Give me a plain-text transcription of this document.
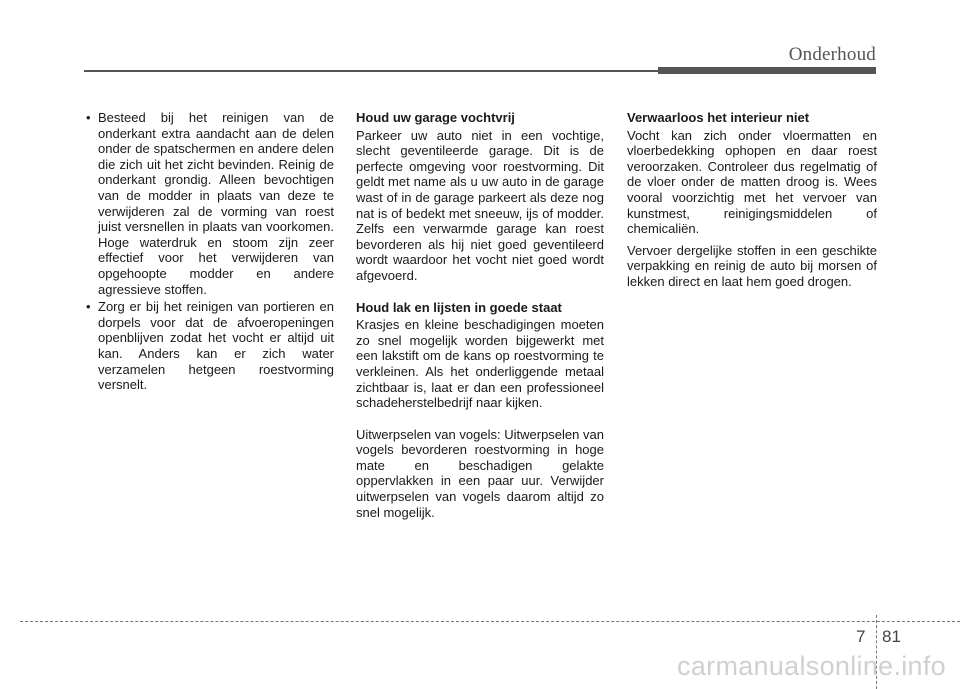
Onderhoud
• Besteed bij het reinigen van de onderkant extra aandacht aan de delen onder de spatschermen en andere delen die zich uit het zicht bevinden. Reinig de onderkant grondig. Alleen bevochtigen van de modder in plaats van deze te verwijderen zal de vorming van roest juist versnellen in plaats van voorkomen. Hoge waterdruk en stoom zijn zeer effectief voor het verwijderen van opgehoopte modder en andere agressieve stoffen.
• Zorg er bij het reinigen van portieren en dorpels voor dat de afvoeropeningen openblijven zodat het vocht er altijd uit kan. Anders kan er zich water verzamelen hetgeen roestvorming versnelt.

Houd uw garage vochtvrij

Parkeer uw auto niet in een vochtige, slecht geventileerde garage. Dit is de perfecte omgeving voor roestvorming. Dit geldt met name als u uw auto in de garage wast of in de garage parkeert als deze nog nat is of bedekt met sneeuw, ijs of modder. Zelfs een verwarmde garage kan roest bevorderen als hij niet goed geventileerd wordt waardoor het vocht niet goed wordt afgevoerd.

Houd lak en lijsten in goede staat

Krasjes en kleine beschadigingen moeten zo snel mogelijk worden bijgewerkt met een lakstift om de kans op roestvorming te verkleinen. Als het onderliggende metaal zichtbaar is, laat er dan een professioneel schadeherstelbedrijf naar kijken.

Uitwerpselen van vogels: Uitwerpselen van vogels bevorderen roestvorming in hoge mate en beschadigen gelakte oppervlakken in een paar uur. Verwijder uitwerpselen van vogels daarom altijd zo snel mogelijk.

Verwaarloos het interieur niet

Vocht kan zich onder vloermatten en vloerbedekking ophopen en daar roest veroorzaken. Controleer dus regelmatig of de vloer onder de matten droog is. Wees vooral voorzichtig met het vervoer van kunstmest, reinigingsmiddelen of chemicaliën.

Vervoer dergelijke stoffen in een geschikte verpakking en reinig de auto bij morsen of lekken direct en laat hem goed drogen.

7 81
carmanualsonline.info
